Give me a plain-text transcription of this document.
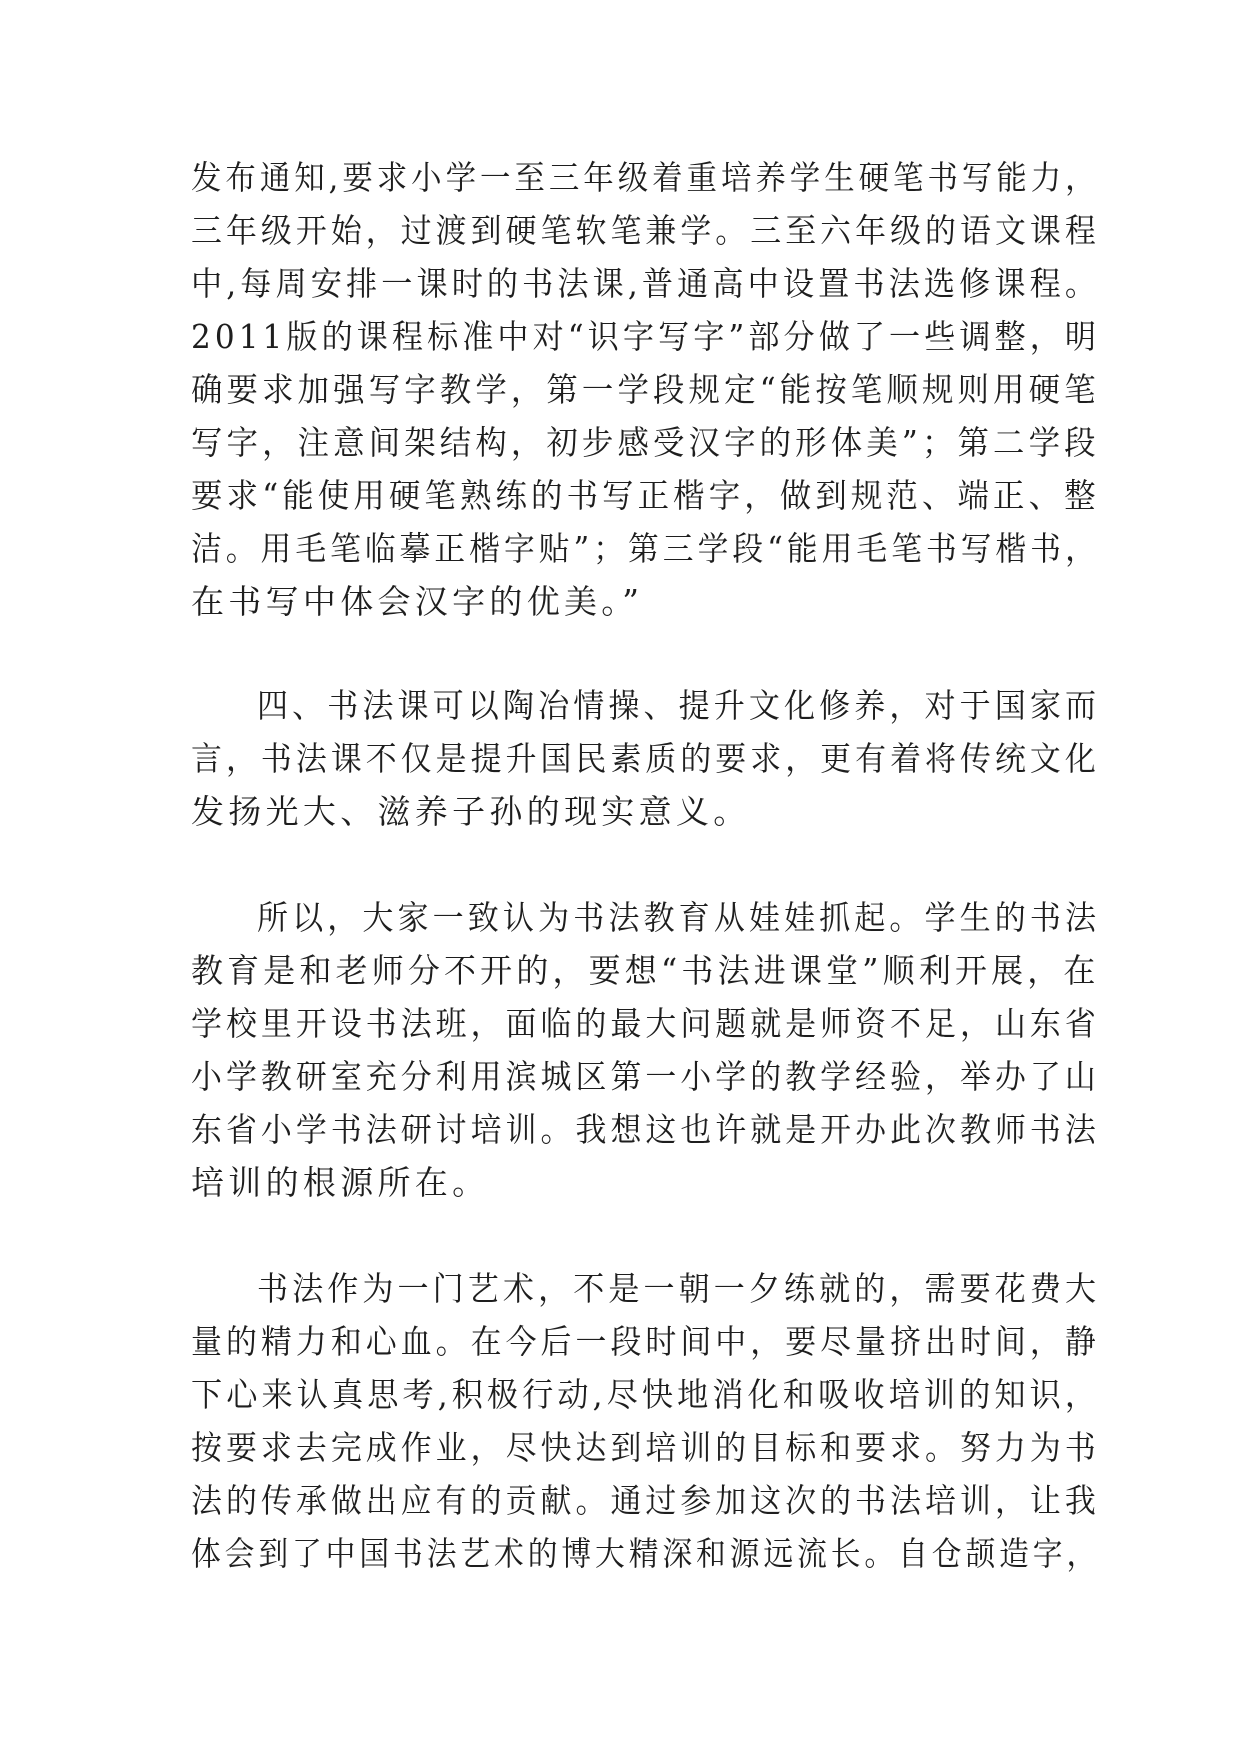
发布通知,要求小学一至三年级着重培养学生硬笔书写能力，
三年级开始，过渡到硬笔软笔兼学。三至六年级的语文课程
中,每周安排一课时的书法课,普通高中设置书法选修课程。
2011版的课程标准中对“识字写字”部分做了一些调整，明
确要求加强写字教学，第一学段规定“能按笔顺规则用硬笔
写字，注意间架结构，初步感受汉字的形体美”；第二学段
要求“能使用硬笔熟练的书写正楷字，做到规范、端正、整
洁。用毛笔临摹正楷字贴”；第三学段“能用毛笔书写楷书，
在书写中体会汉字的优美。”
四、书法课可以陶冶情操、提升文化修养，对于国家而
言，书法课不仅是提升国民素质的要求，更有着将传统文化
发扬光大、滋养子孙的现实意义。
所以，大家一致认为书法教育从娃娃抓起。学生的书法
教育是和老师分不开的，要想“书法进课堂”顺利开展，在
学校里开设书法班，面临的最大问题就是师资不足，山东省
小学教研室充分利用滨城区第一小学的教学经验，举办了山
东省小学书法研讨培训。我想这也许就是开办此次教师书法
培训的根源所在。
书法作为一门艺术，不是一朝一夕练就的，需要花费大
量的精力和心血。在今后一段时间中，要尽量挤出时间，静
下心来认真思考,积极行动,尽快地消化和吸收培训的知识，
按要求去完成作业，尽快达到培训的目标和要求。努力为书
法的传承做出应有的贡献。通过参加这次的书法培训，让我
体会到了中国书法艺术的博大精深和源远流长。自仓颉造字，
